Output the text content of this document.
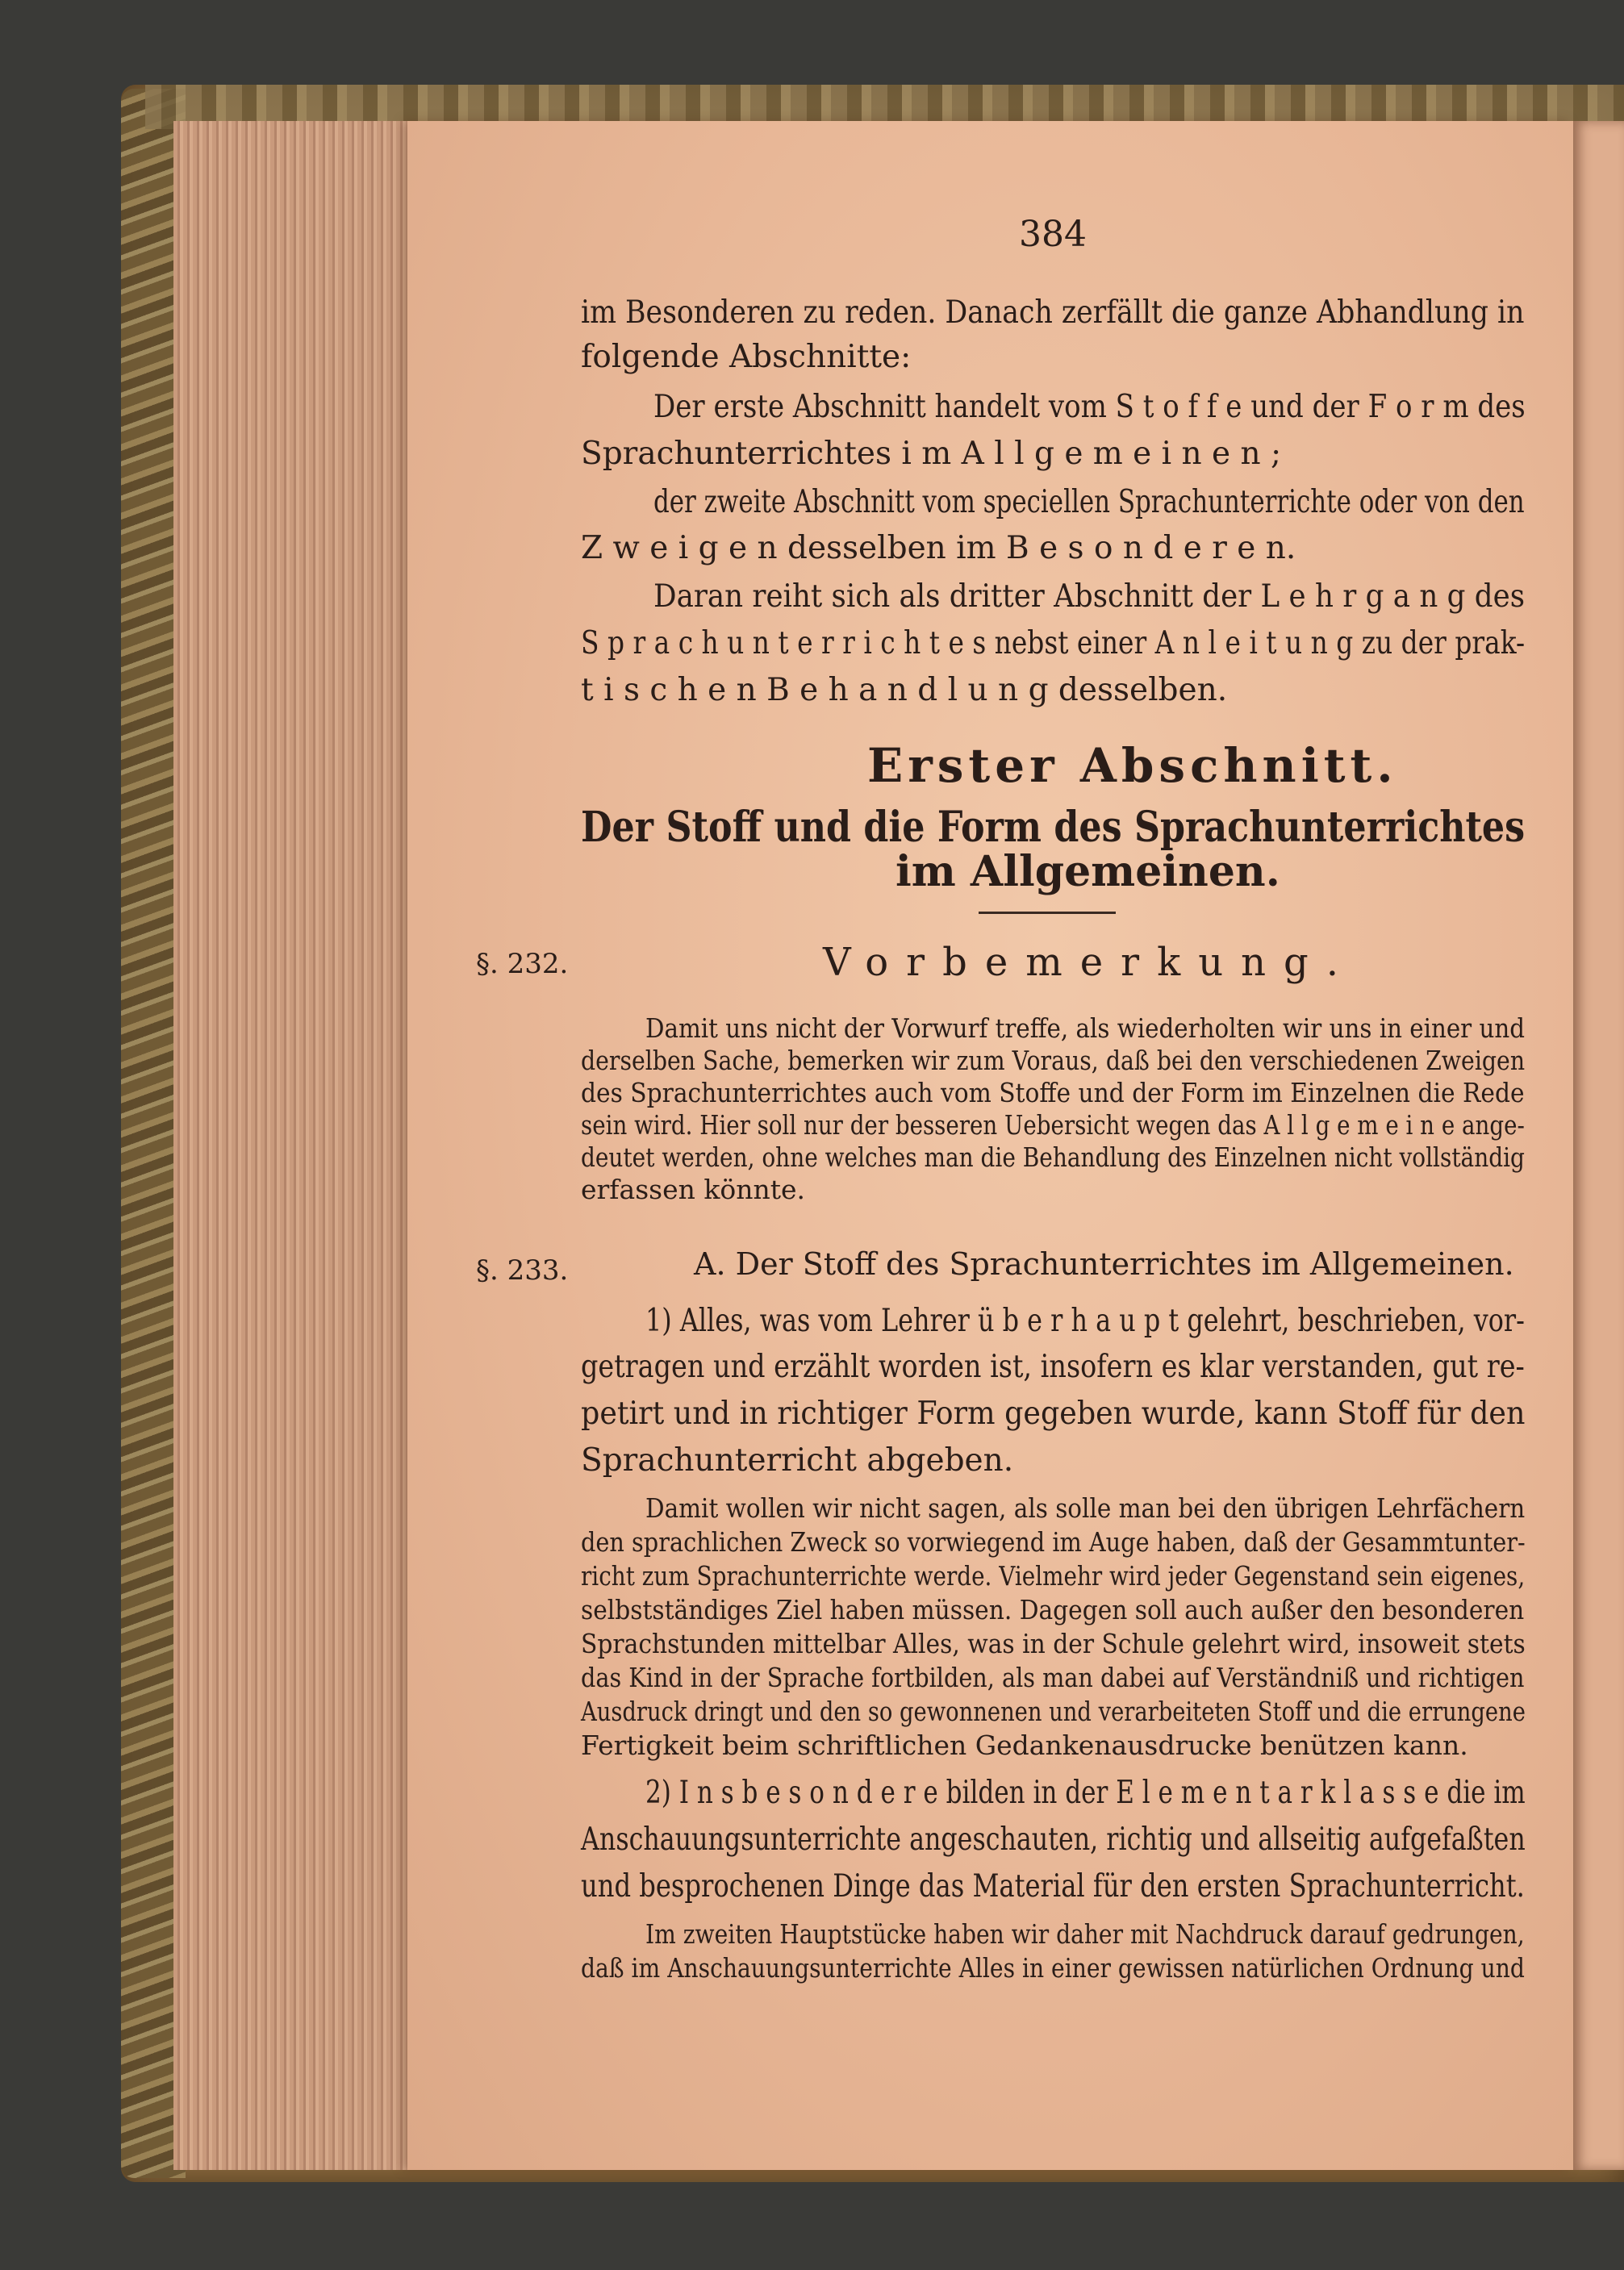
384
im Besonderen zu reden. Danach zerfällt die ganze Abhandlung in
folgende Abschnitte:
Der erste Abschnitt handelt vom S t o f f e und der F o r m des
Sprachunterrichtes i m A l l g e m e i n e n ;
der zweite Abschnitt vom speciellen Sprachunterrichte oder von den
Z w e i g e n desselben im B e s o n d e r e n.
Daran reiht sich als dritter Abschnitt der L e h r g a n g des
S p r a c h u n t e r r i c h t e s nebst einer A n l e i t u n g zu der prak-
t i s c h e n B e h a n d l u n g desselben.
Erster Abschnitt.
Der Stoff und die Form des Sprachunterrichtes
im Allgemeinen.
§. 232.	Vorbemerkung.
Damit uns nicht der Vorwurf treffe, als wiederholten wir uns in einer und
derselben Sache, bemerken wir zum Voraus, daß bei den verschiedenen Zweigen
des Sprachunterrichtes auch vom Stoffe und der Form im Einzelnen die Rede
sein wird. Hier soll nur der besseren Uebersicht wegen das A l l g e m e i n e ange-
deutet werden, ohne welches man die Behandlung des Einzelnen nicht vollständig
erfassen könnte.
§. 233.	A. Der Stoff des Sprachunterrichtes im Allgemeinen.
1) Alles, was vom Lehrer ü b e r h a u p t gelehrt, beschrieben, vor-
getragen und erzählt worden ist, insofern es klar verstanden, gut re-
petirt und in richtiger Form gegeben wurde, kann Stoff für den
Sprachunterricht abgeben.
Damit wollen wir nicht sagen, als solle man bei den übrigen Lehrfächern
den sprachlichen Zweck so vorwiegend im Auge haben, daß der Gesammtunter-
richt zum Sprachunterrichte werde. Vielmehr wird jeder Gegenstand sein eigenes,
selbstständiges Ziel haben müssen. Dagegen soll auch außer den besonderen
Sprachstunden mittelbar Alles, was in der Schule gelehrt wird, insoweit stets
das Kind in der Sprache fortbilden, als man dabei auf Verständniß und richtigen
Ausdruck dringt und den so gewonnenen und verarbeiteten Stoff und die errungene
Fertigkeit beim schriftlichen Gedankenausdrucke benützen kann.
2) I n s b e s o n d e r e bilden in der E l e m e n t a r k l a s s e die im
Anschauungsunterrichte angeschauten, richtig und allseitig aufgefaßten
und besprochenen Dinge das Material für den ersten Sprachunterricht.
Im zweiten Hauptstücke haben wir daher mit Nachdruck darauf gedrungen,
daß im Anschauungsunterrichte Alles in einer gewissen natürlichen Ordnung und
